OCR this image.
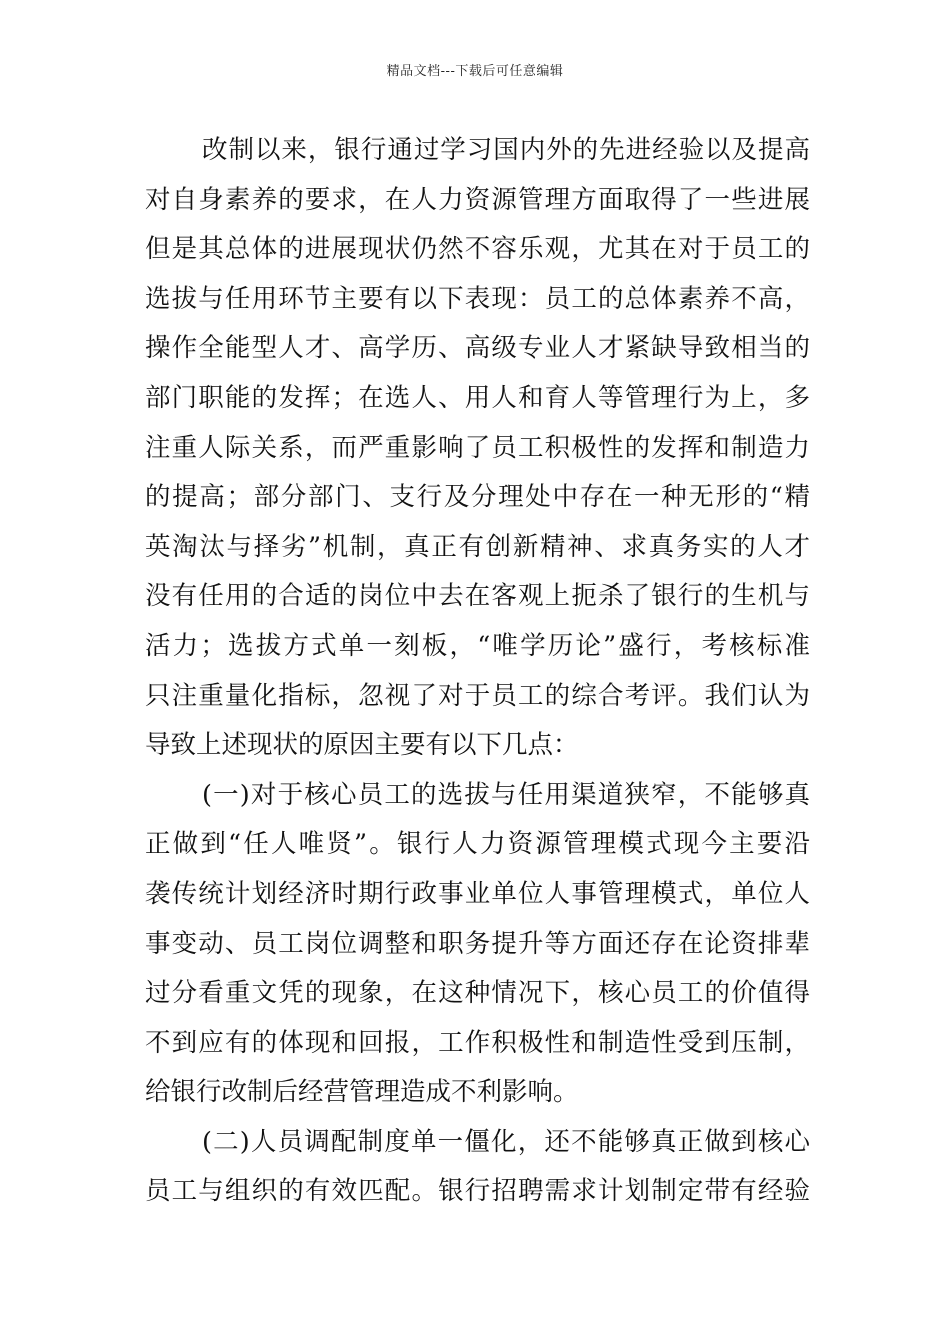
精品文档---下载后可任意编辑
改制以来，银行通过学习国内外的先进经验以及提高
对自身素养的要求，在人力资源管理方面取得了一些进展
但是其总体的进展现状仍然不容乐观，尤其在对于员工的
选拔与任用环节主要有以下表现：员工的总体素养不高，
操作全能型人才、高学历、高级专业人才紧缺导致相当的
部门职能的发挥；在选人、用人和育人等管理行为上，多
注重人际关系，而严重影响了员工积极性的发挥和制造力
的提高；部分部门、支行及分理处中存在一种无形的“精
英淘汰与择劣”机制，真正有创新精神、求真务实的人才
没有任用的合适的岗位中去在客观上扼杀了银行的生机与
活力；选拔方式单一刻板，“唯学历论”盛行，考核标准
只注重量化指标，忽视了对于员工的综合考评。我们认为
导致上述现状的原因主要有以下几点：
(一)对于核心员工的选拔与任用渠道狭窄，不能够真
正做到“任人唯贤”。银行人力资源管理模式现今主要沿
袭传统计划经济时期行政事业单位人事管理模式，单位人
事变动、员工岗位调整和职务提升等方面还存在论资排辈
过分看重文凭的现象，在这种情况下，核心员工的价值得
不到应有的体现和回报，工作积极性和制造性受到压制，
给银行改制后经营管理造成不利影响。
(二)人员调配制度单一僵化，还不能够真正做到核心
员工与组织的有效匹配。银行招聘需求计划制定带有经验
